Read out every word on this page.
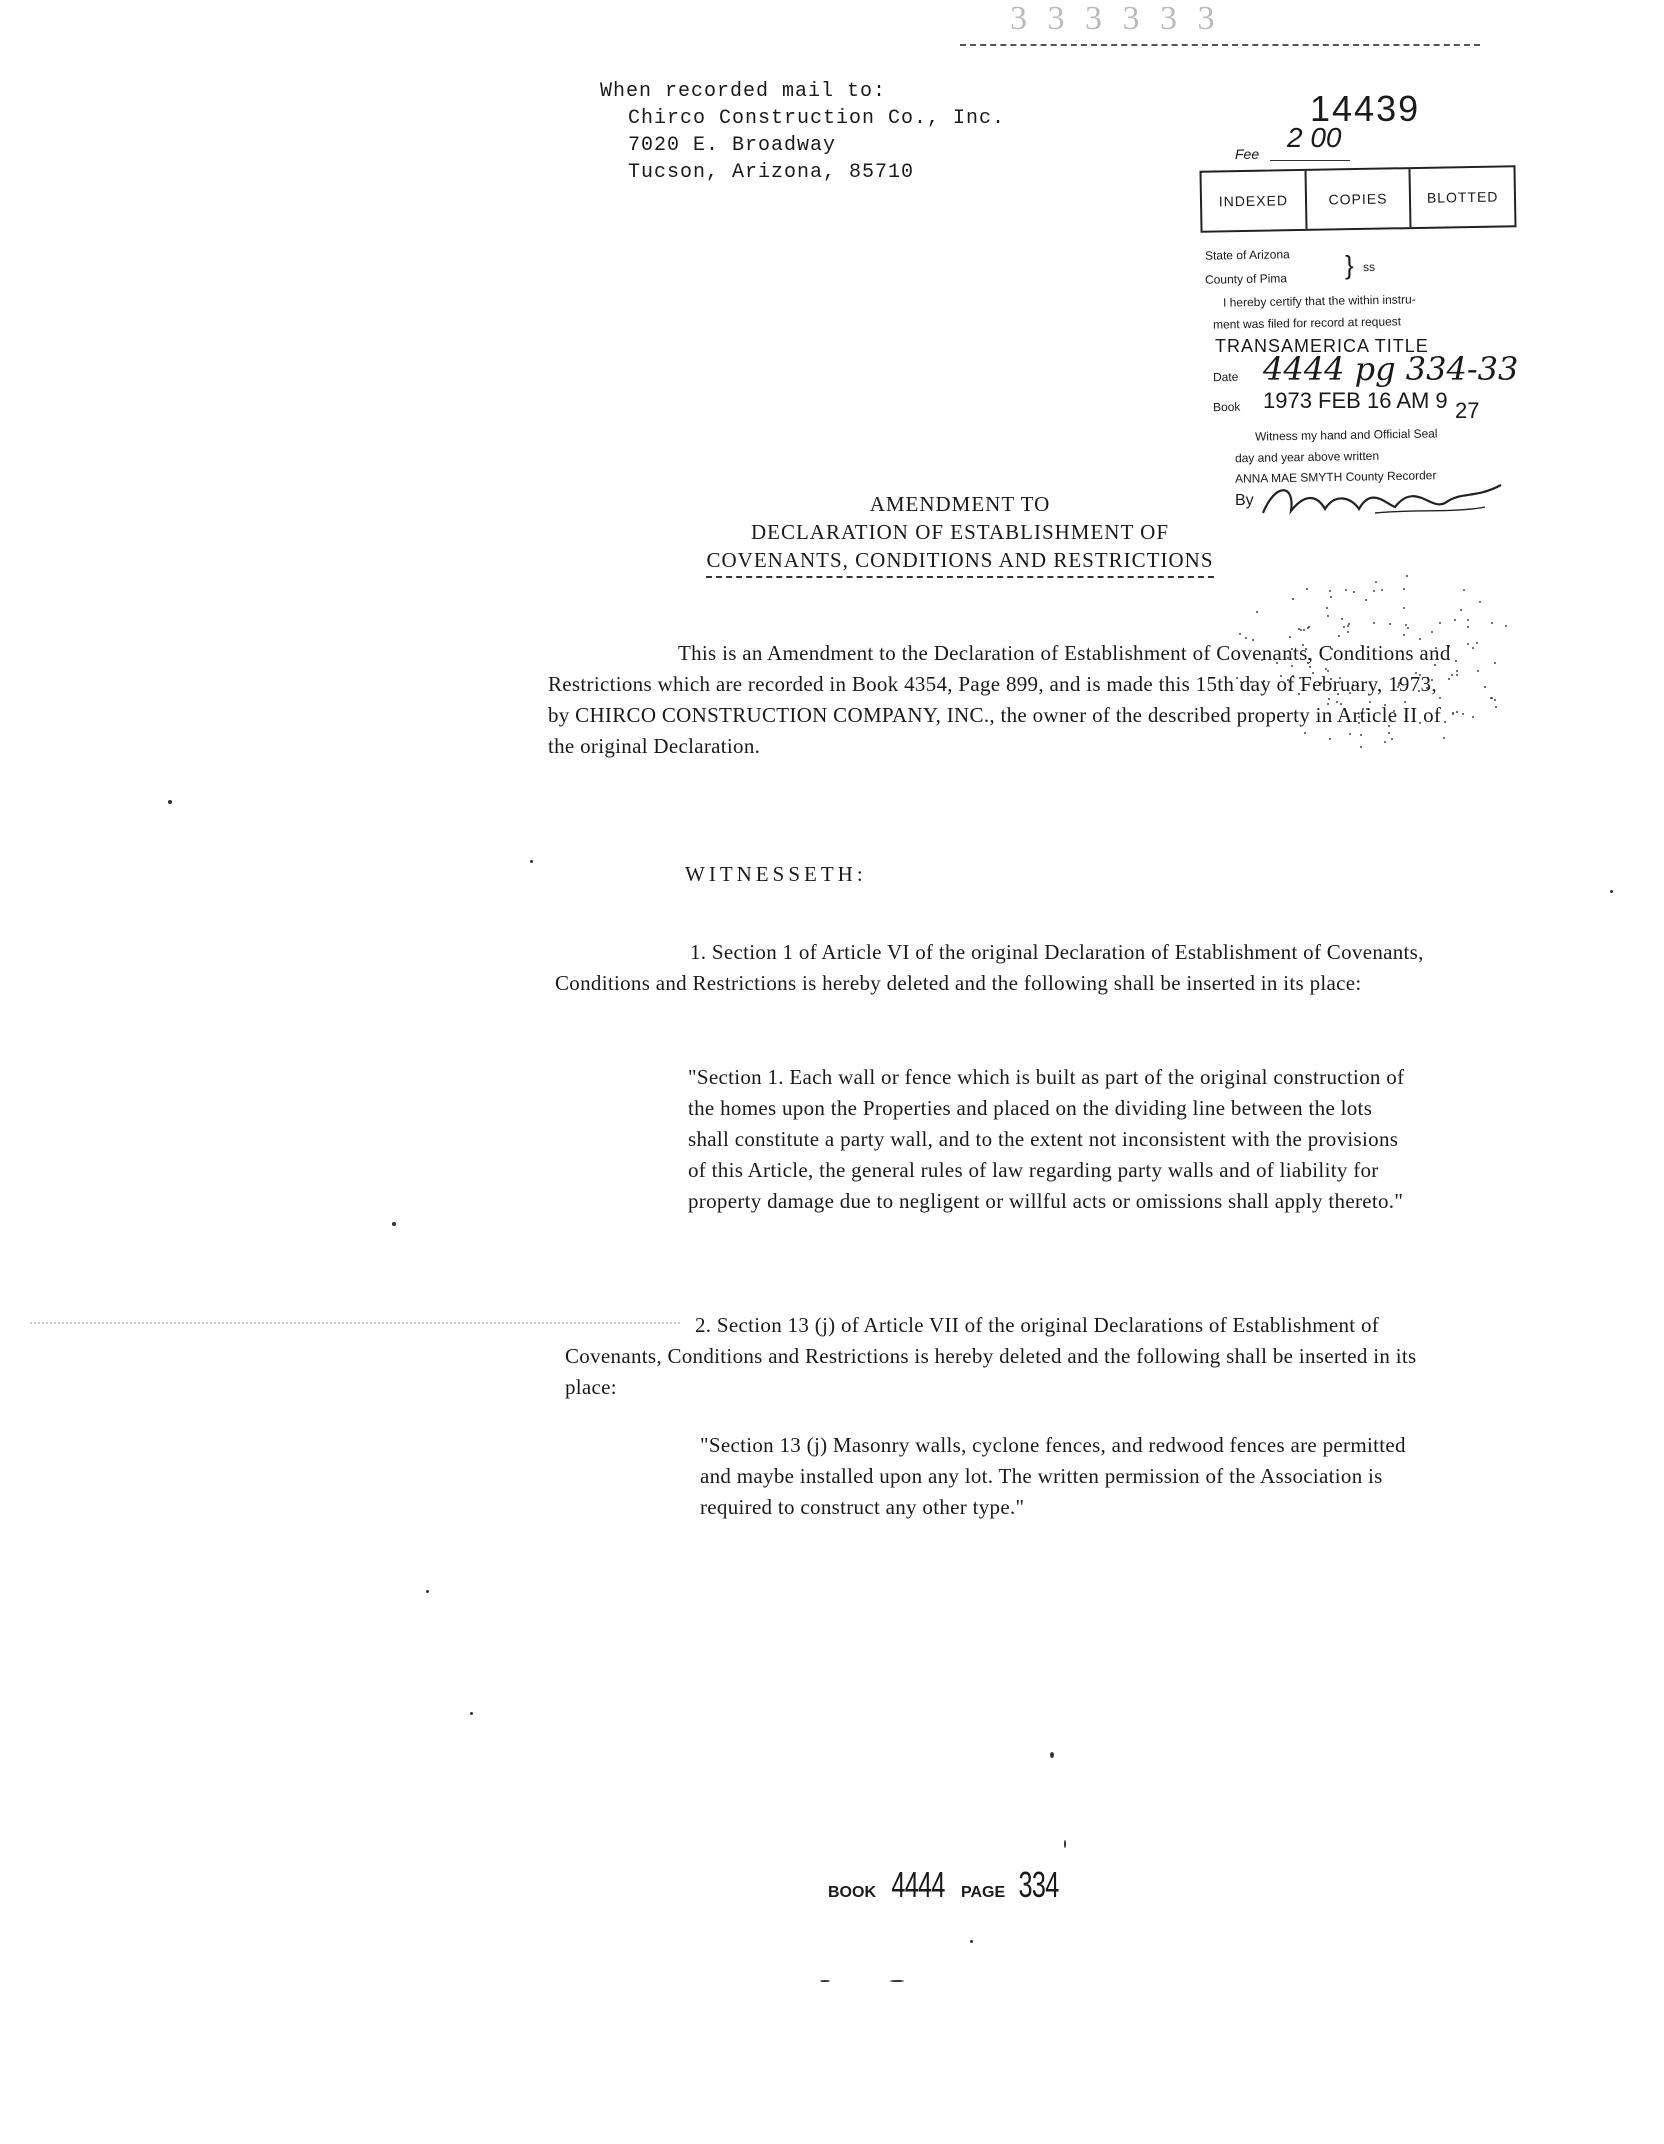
3 3 3 3 3 3
When recorded mail to:

Chirco Construction Co., Inc.
7020 E. Broadway
Tucson, Arizona, 85710
14439
Fee
2 00
INDEXED	COPIES	BLOTTED
State of Arizona
County of Pima } ss
I hereby certify that the within instru-
ment was filed for record at request
TRANSAMERICA TITLE
Date 4444 pg 334-33
Book 1973 FEB 16 AM 9 27
Witness my hand and Official Seal
day and year above written
ANNA MAE SMYTH County Recorder
By
AMENDMENT TO
DECLARATION OF ESTABLISHMENT OF
COVENANTS, CONDITIONS AND RESTRICTIONS
This is an Amendment to the Declaration of Establishment of Covenants, Conditions and Restrictions which are recorded in Book 4354, Page 899, and is made this 15th day of February, 1973, by CHIRCO CONSTRUCTION COMPANY, INC., the owner of the described property in Article II of the original Declaration.
WITNESSETH:
1. Section 1 of Article VI of the original Declaration of Establishment of Covenants, Conditions and Restrictions is hereby deleted and the following shall be inserted in its place:
"Section 1. Each wall or fence which is built as part of the original construction of the homes upon the Properties and placed on the dividing line between the lots shall constitute a party wall, and to the extent not inconsistent with the provisions of this Article, the general rules of law regarding party walls and of liability for property damage due to negligent or willful acts or omissions shall apply thereto."
2. Section 13 (j) of Article VII of the original Declarations of Establishment of Covenants, Conditions and Restrictions is hereby deleted and the following shall be inserted in its place:
"Section 13 (j) Masonry walls, cyclone fences, and redwood fences are permitted and maybe installed upon any lot. The written permission of the Association is required to construct any other type."
BOOK 4444 PAGE 334
